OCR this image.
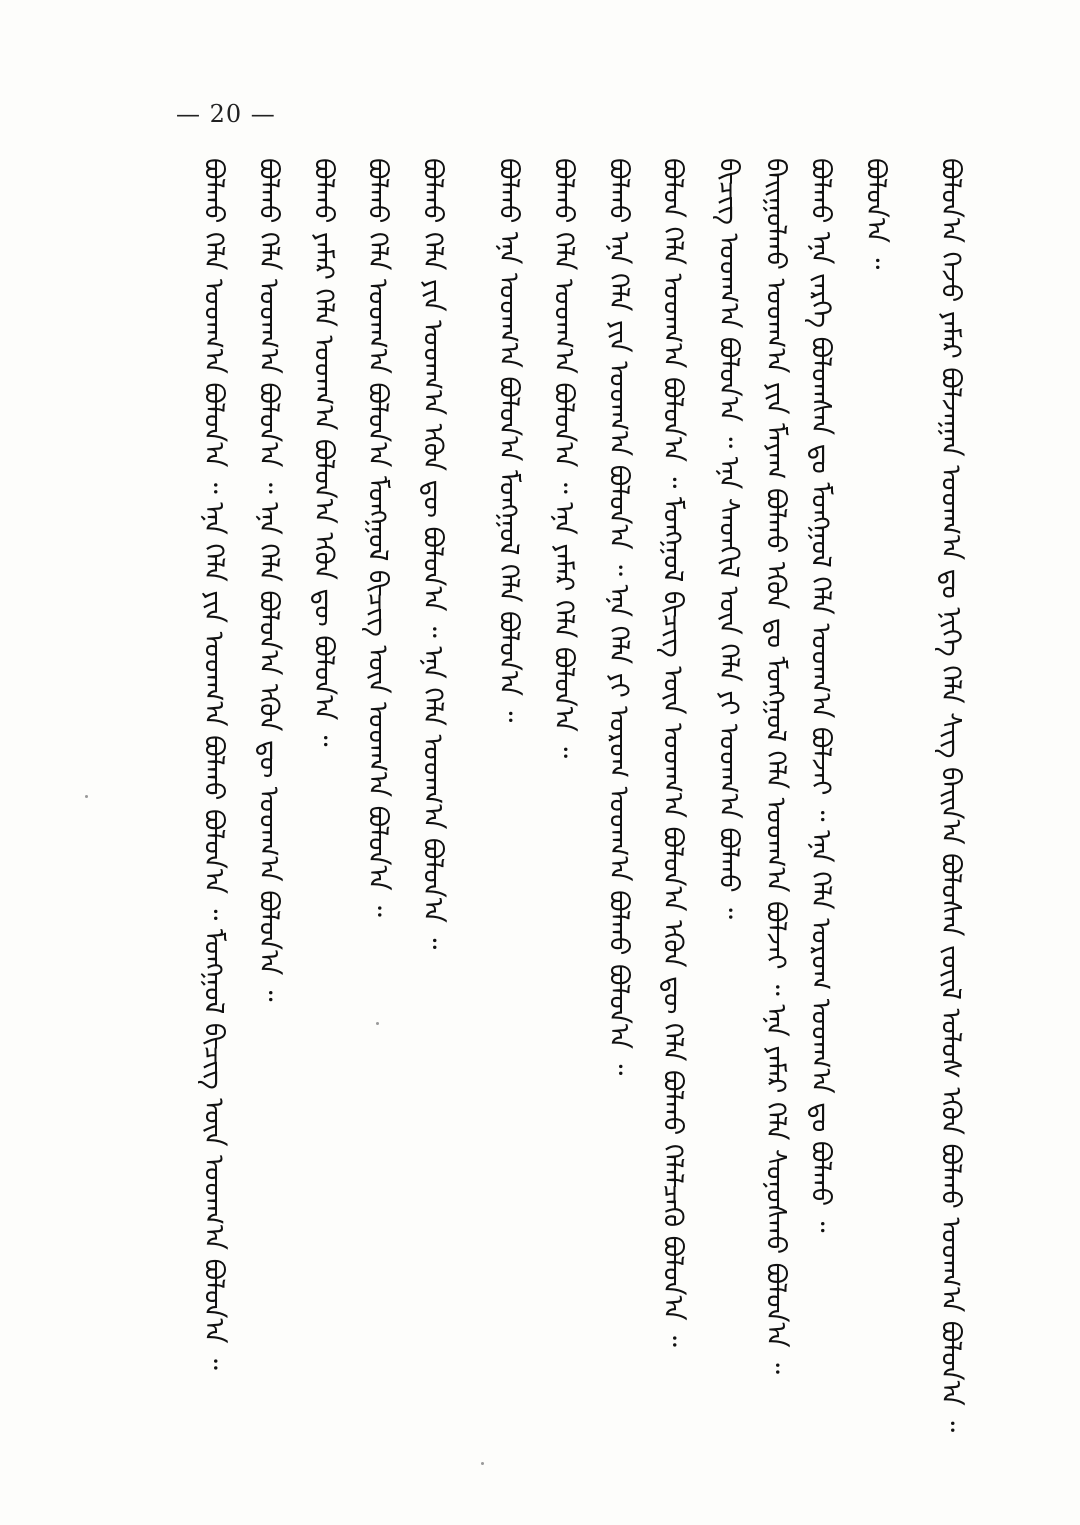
— 20 —
ᠪᠣᠯᠤᠨ᠎ᠠ ᠭᠡᠵᠦ ᠶᠠᠮᠠᠷ ᠪᠣᠯᠵᠠᠭᠠᠨ ᠤᠳᠬ᠎ᠠ ᠳᠤ ᠨᠢᠭᠡ ᠬᠡᠯᠡ ᠰᠢᠭ ᠪᠠᠢᠨ᠎ᠠ ᠪᠣᠯᠣᠰᠠᠨ ᠵᠦᠢᠯ ᠤᠯᠤᠰ ᠡᠭᠦᠨ ᠪᠣᠯᠬᠣ ᠤᠳᠬ᠎ᠠ ᠪᠣᠯᠤᠨ᠎ᠠ ᠃
ᠪᠣᠯᠤᠨ᠎ᠠ ᠃
ᠪᠣᠯᠬᠤ ᠡᠨᠡ ᠵᠡᠷᠭᠡ ᠪᠣᠯᠤᠭᠰᠠᠨ ᠳᠤ ᠮᠣᠩᠭᠣᠯ ᠬᠡᠯᠡ ᠤᠳᠬ᠎ᠠ ᠪᠣᠯᠵᠠᠢ ᠃ ᠡᠨᠡ ᠬᠡᠯᠡ ᠤᠷᠤᠭ ᠤᠳᠬ᠎ᠠ ᠳᠤ ᠪᠣᠯᠬᠤ ᠃
ᠪᠠᠢᠭᠤᠯᠬᠤ ᠤᠳᠬ᠎ᠠ ᠶᠢᠨ ᠮᠠᠶᠠᠭ ᠪᠣᠯᠬᠤ ᠡᠭᠦᠨ ᠳᠤ ᠮᠣᠩᠭᠣᠯ ᠬᠡᠯᠡ ᠤᠳᠬ᠎ᠠ ᠪᠣᠯᠵᠠᠢ ᠃ ᠡᠨᠡ ᠶᠠᠮᠠᠷ ᠬᠡᠯᠡ ᠰᠣᠨᠤᠰᠬᠤ ᠪᠣᠯᠤᠨ᠎ᠠ ᠃
ᠪᠢᠴᠢᠭ ᠤᠳᠬ᠎ᠠ ᠪᠣᠯᠤᠨ᠎ᠠ ᠃ ᠡᠨᠡ ᠰᠡᠳᠬᠢᠯ ᠦᠨ ᠬᠡᠯᠡ ᠶᠢ ᠤᠳᠬ᠎ᠠ ᠪᠣᠯᠬᠤ ᠃
ᠪᠣᠯᠣᠨ ᠬᠡᠯᠡ ᠤᠳᠬ᠎ᠠ ᠪᠣᠯᠤᠨ᠎ᠠ ᠃ ᠮᠣᠩᠭᠣᠯ ᠪᠢᠴᠢᠭ ᠦᠨ ᠤᠳᠬ᠎ᠠ ᠪᠣᠯᠤᠨ᠎ᠠ ᠡᠭᠦᠨ ᠳᠦ ᠬᠡᠯᠡ ᠪᠣᠯᠬᠤ ᠬᠡᠯᠡᠯᠴᠡᠬᠦ ᠪᠣᠯᠤᠨ᠎ᠠ ᠃
ᠪᠣᠯᠬᠤ ᠡᠨᠡ ᠬᠡᠯᠡ ᠶᠢᠨ ᠤᠳᠬ᠎ᠠ ᠪᠣᠯᠤᠨ᠎ᠠ ᠃ ᠡᠨᠡ ᠬᠡᠯᠡ ᠶᠢ ᠤᠷᠤᠭ ᠤᠳᠬ᠎ᠠ ᠪᠣᠯᠬᠤ ᠪᠣᠯᠤᠨ᠎ᠠ ᠃
ᠪᠣᠯᠬᠤ ᠬᠡᠯᠡ ᠤᠳᠬ᠎ᠠ ᠪᠣᠯᠤᠨ᠎ᠠ ᠃ ᠡᠨᠡ ᠶᠠᠮᠠᠷ ᠬᠡᠯᠡ ᠪᠣᠯᠤᠨ᠎ᠠ ᠃
ᠪᠣᠯᠬᠤ ᠡᠨᠡ ᠤᠳᠬ᠎ᠠ ᠪᠣᠯᠤᠨ᠎ᠠ ᠮᠣᠩᠭᠣᠯ ᠬᠡᠯᠡ ᠪᠣᠯᠤᠨ᠎ᠠ ᠃
ᠪᠣᠯᠬᠤ ᠬᠡᠯᠡ ᠶᠢᠨ ᠤᠳᠬ᠎ᠠ ᠡᠭᠦᠨ ᠳᠦ ᠪᠣᠯᠤᠨ᠎ᠠ ᠃ ᠡᠨᠡ ᠬᠡᠯᠡ ᠤᠳᠬ᠎ᠠ ᠪᠣᠯᠤᠨ᠎ᠠ ᠃
ᠪᠣᠯᠬᠤ ᠬᠡᠯᠡ ᠤᠳᠬ᠎ᠠ ᠪᠣᠯᠤᠨ᠎ᠠ ᠮᠣᠩᠭᠣᠯ ᠪᠢᠴᠢᠭ ᠦᠨ ᠤᠳᠬ᠎ᠠ ᠪᠣᠯᠤᠨ᠎ᠠ ᠃
ᠪᠣᠯᠬᠤ ᠶᠠᠮᠠᠷ ᠬᠡᠯᠡ ᠤᠳᠬ᠎ᠠ ᠪᠣᠯᠤᠨ᠎ᠠ ᠡᠭᠦᠨ ᠳᠦ ᠪᠣᠯᠤᠨ᠎ᠠ ᠃
ᠪᠣᠯᠬᠤ ᠬᠡᠯᠡ ᠤᠳᠬ᠎ᠠ ᠪᠣᠯᠤᠨ᠎ᠠ ᠃ ᠡᠨᠡ ᠬᠡᠯᠡ ᠪᠣᠯᠤᠨ᠎ᠠ ᠡᠭᠦᠨ ᠳᠦ ᠤᠳᠬ᠎ᠠ ᠪᠣᠯᠤᠨ᠎ᠠ ᠃
ᠪᠣᠯᠬᠤ ᠬᠡᠯᠡ ᠤᠳᠬ᠎ᠠ ᠪᠣᠯᠤᠨ᠎ᠠ ᠃ ᠡᠨᠡ ᠬᠡᠯᠡ ᠶᠢᠨ ᠤᠳᠬ᠎ᠠ ᠪᠣᠯᠬᠤ ᠪᠣᠯᠤᠨ᠎ᠠ ᠃ ᠮᠣᠩᠭᠣᠯ ᠪᠢᠴᠢᠭ ᠦᠨ ᠤᠳᠬ᠎ᠠ ᠪᠣᠯᠤᠨ᠎ᠠ ᠃
